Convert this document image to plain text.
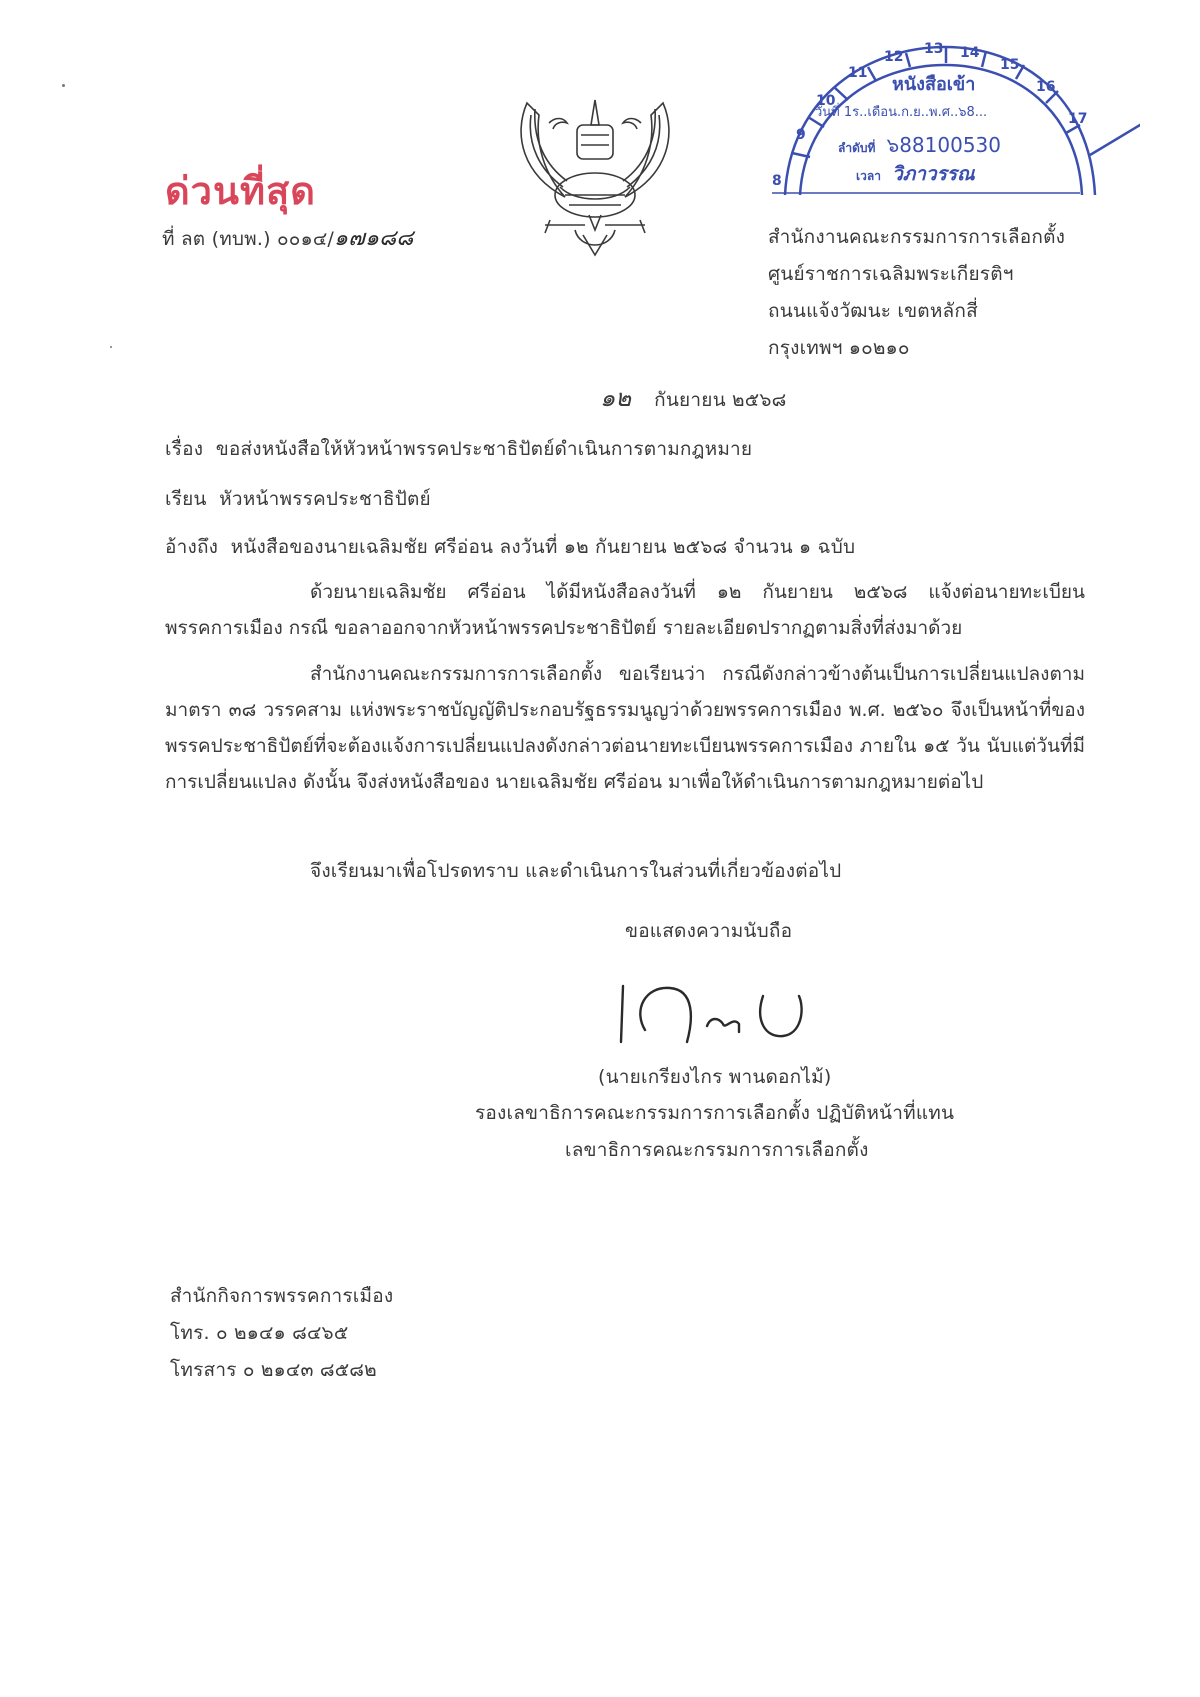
ด่วนที่สุด
ที่ ลต (ทบพ.) ๐๐๑๔/๑๗๑๘๘
8
9
10
11
12 13 14
15
16
17
หนังสือเข้า
วันที่ 1ร..เดือน.ก.ย..พ.ศ..๖8...
ลำดับที่ ๖88100530
เวลา วิภาวรรณ
สำนักงานคณะกรรมการการเลือกตั้ง
ศูนย์ราชการเฉลิมพระเกียรติฯ
ถนนแจ้งวัฒนะ เขตหลักสี่
กรุงเทพฯ ๑๐๒๑๐
๑๒ กันยายน ๒๕๖๘
เรื่อง ขอส่งหนังสือให้หัวหน้าพรรคประชาธิปัตย์ดำเนินการตามกฎหมาย
เรียน หัวหน้าพรรคประชาธิปัตย์
อ้างถึง หนังสือของนายเฉลิมชัย ศรีอ่อน ลงวันที่ ๑๒ กันยายน ๒๕๖๘ จำนวน ๑ ฉบับ
ด้วยนายเฉลิมชัย ศรีอ่อน ได้มีหนังสือลงวันที่ ๑๒ กันยายน ๒๕๖๘ แจ้งต่อนายทะเบียนพรรคการเมือง กรณี ขอลาออกจากหัวหน้าพรรคประชาธิปัตย์ รายละเอียดปรากฏตามสิ่งที่ส่งมาด้วย
สำนักงานคณะกรรมการการเลือกตั้ง ขอเรียนว่า กรณีดังกล่าวข้างต้นเป็นการเปลี่ยนแปลงตามมาตรา ๓๘ วรรคสาม แห่งพระราชบัญญัติประกอบรัฐธรรมนูญว่าด้วยพรรคการเมือง พ.ศ. ๒๕๖๐ จึงเป็นหน้าที่ของพรรคประชาธิปัตย์ที่จะต้องแจ้งการเปลี่ยนแปลงดังกล่าวต่อนายทะเบียนพรรคการเมือง ภายใน ๑๕ วัน นับแต่วันที่มีการเปลี่ยนแปลง ดังนั้น จึงส่งหนังสือของ นายเฉลิมชัย ศรีอ่อน มาเพื่อให้ดำเนินการตามกฎหมายต่อไป
จึงเรียนมาเพื่อโปรดทราบ และดำเนินการในส่วนที่เกี่ยวข้องต่อไป
ขอแสดงความนับถือ
(นายเกรียงไกร พานดอกไม้)
รองเลขาธิการคณะกรรมการการเลือกตั้ง ปฏิบัติหน้าที่แทน
เลขาธิการคณะกรรมการการเลือกตั้ง
สำนักกิจการพรรคการเมือง
โทร. ๐ ๒๑๔๑ ๘๔๖๕
โทรสาร ๐ ๒๑๔๓ ๘๕๘๒
